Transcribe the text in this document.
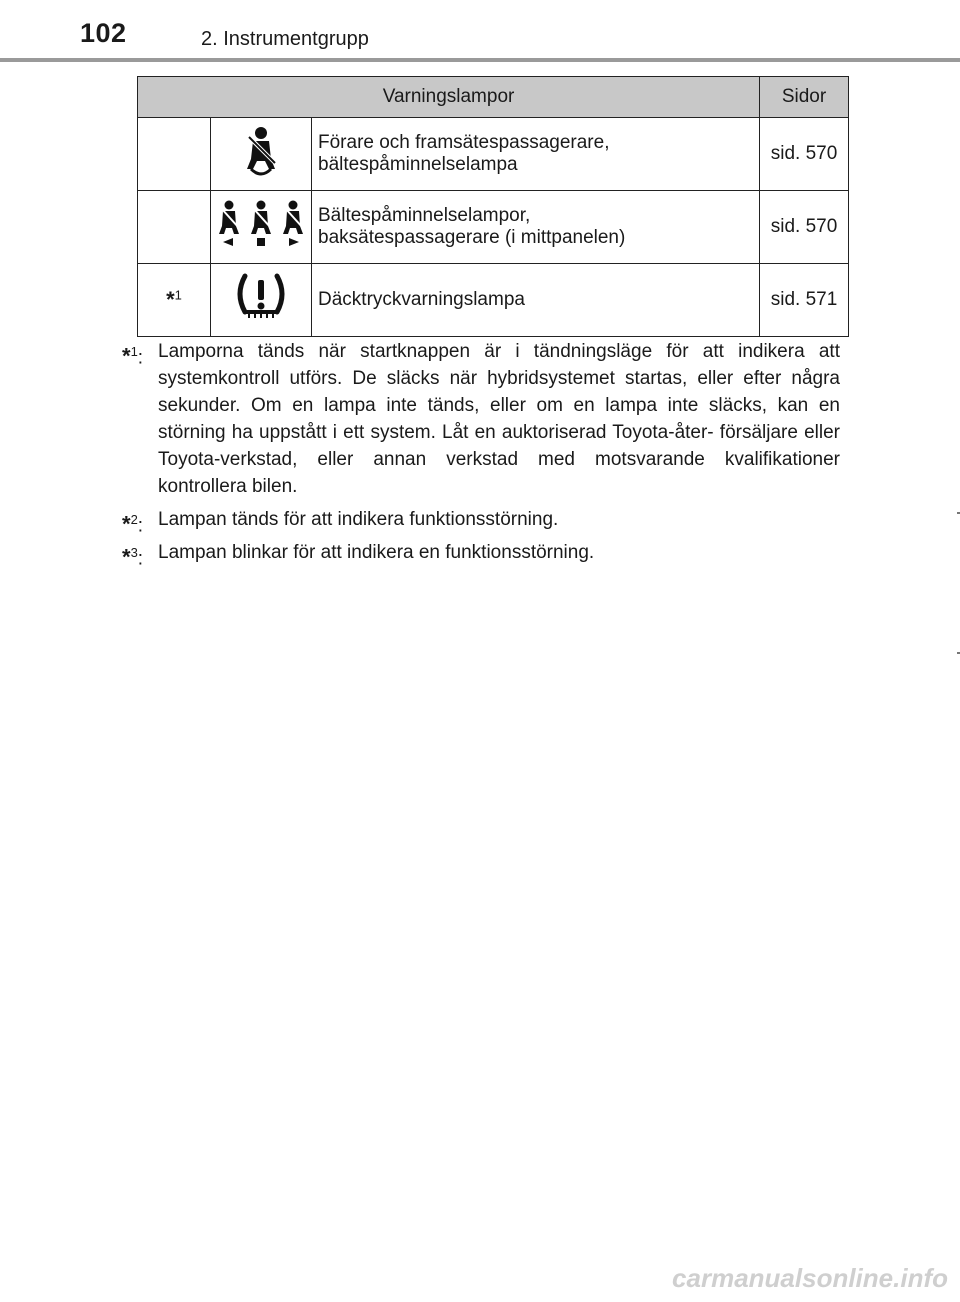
102	2. Instrumentgrupp
Varningslampor			Sidor
		Förare och framsätespassagerare,
bältespåminnelselampa	sid. 570
		Bältespåminnelselampor,
baksätespassagerare (i mittpanelen)	sid. 570
*$^1$		Däcktryckvarningslampa	sid. 571
*$^1$: Lamporna tänds när startknappen är i tändningsläge för att indikera att systemkontroll utförs. De släcks när hybridsystemet startas, eller efter några sekunder. Om en lampa inte tänds, eller om en lampa inte släcks, kan en störning ha uppstått i ett system. Låt en auktoriserad Toyota-åter- försäljare eller Toyota-verkstad, eller annan verkstad med motsvarande kvalifikationer kontrollera bilen.
*$^2$: Lampan tänds för att indikera funktionsstörning.
*$^3$: Lampan blinkar för att indikera en funktionsstörning.
carmanualsonline.info
